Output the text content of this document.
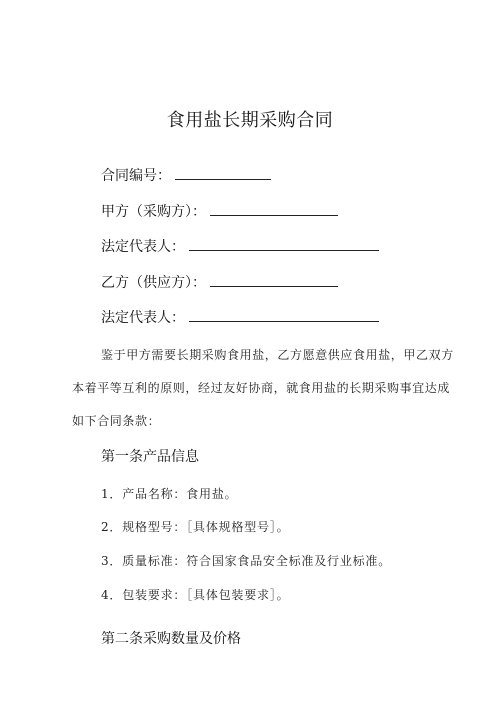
食用盐长期采购合同
合同编号：
甲方（采购方）：
法定代表人：
乙方（供应方）：
法定代表人：
鉴于甲方需要长期采购食用盐，乙方愿意供应食用盐，甲乙双方
本着平等互利的原则，经过友好协商，就食用盐的长期采购事宜达成
如下合同条款：
第一条产品信息
1．产品名称：食用盐。
2．规格型号：［具体规格型号］。
3．质量标准：符合国家食品安全标准及行业标准。
4．包装要求：［具体包装要求］。
第二条采购数量及价格
